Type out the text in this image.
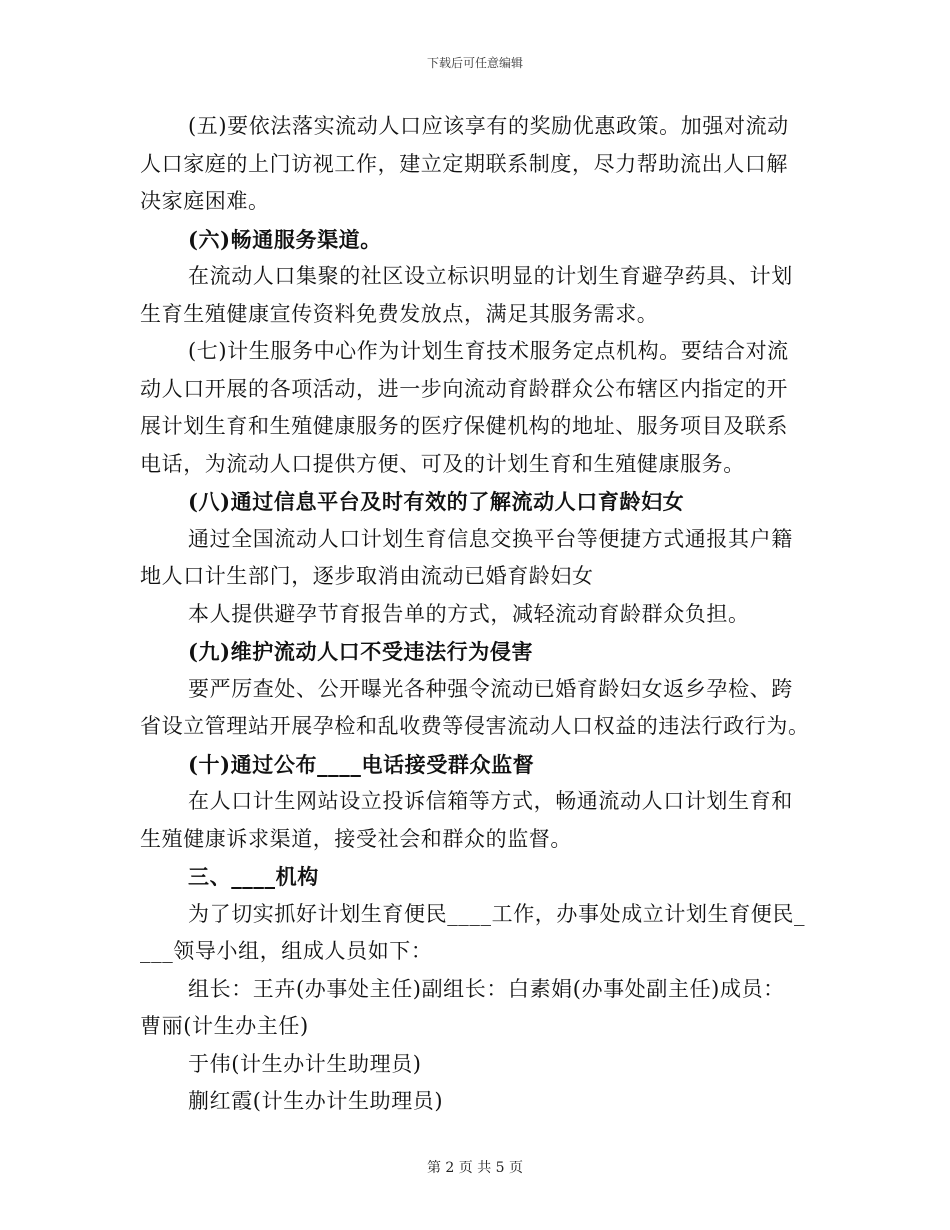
下载后可任意编辑
(五)要依法落实流动人口应该享有的奖励优惠政策。加强对流动
人口家庭的上门访视工作，建立定期联系制度，尽力帮助流出人口解
决家庭困难。
(六)畅通服务渠道。
在流动人口集聚的社区设立标识明显的计划生育避孕药具、计划
生育生殖健康宣传资料免费发放点，满足其服务需求。
(七)计生服务中心作为计划生育技术服务定点机构。要结合对流
动人口开展的各项活动，进一步向流动育龄群众公布辖区内指定的开
展计划生育和生殖健康服务的医疗保健机构的地址、服务项目及联系
电话，为流动人口提供方便、可及的计划生育和生殖健康服务。
(八)通过信息平台及时有效的了解流动人口育龄妇女
通过全国流动人口计划生育信息交换平台等便捷方式通报其户籍
地人口计生部门，逐步取消由流动已婚育龄妇女
本人提供避孕节育报告单的方式，减轻流动育龄群众负担。
(九)维护流动人口不受违法行为侵害
要严厉查处、公开曝光各种强令流动已婚育龄妇女返乡孕检、跨
省设立管理站开展孕检和乱收费等侵害流动人口权益的违法行政行为。
(十)通过公布____电话接受群众监督
在人口计生网站设立投诉信箱等方式，畅通流动人口计划生育和
生殖健康诉求渠道，接受社会和群众的监督。
三、____机构
为了切实抓好计划生育便民____工作，办事处成立计划生育便民_
___领导小组，组成人员如下：
组长：王卉(办事处主任)副组长：白素娟(办事处副主任)成员：
曹丽(计生办主任)
于伟(计生办计生助理员)
蒯红霞(计生办计生助理员)
第 2 页 共 5 页
